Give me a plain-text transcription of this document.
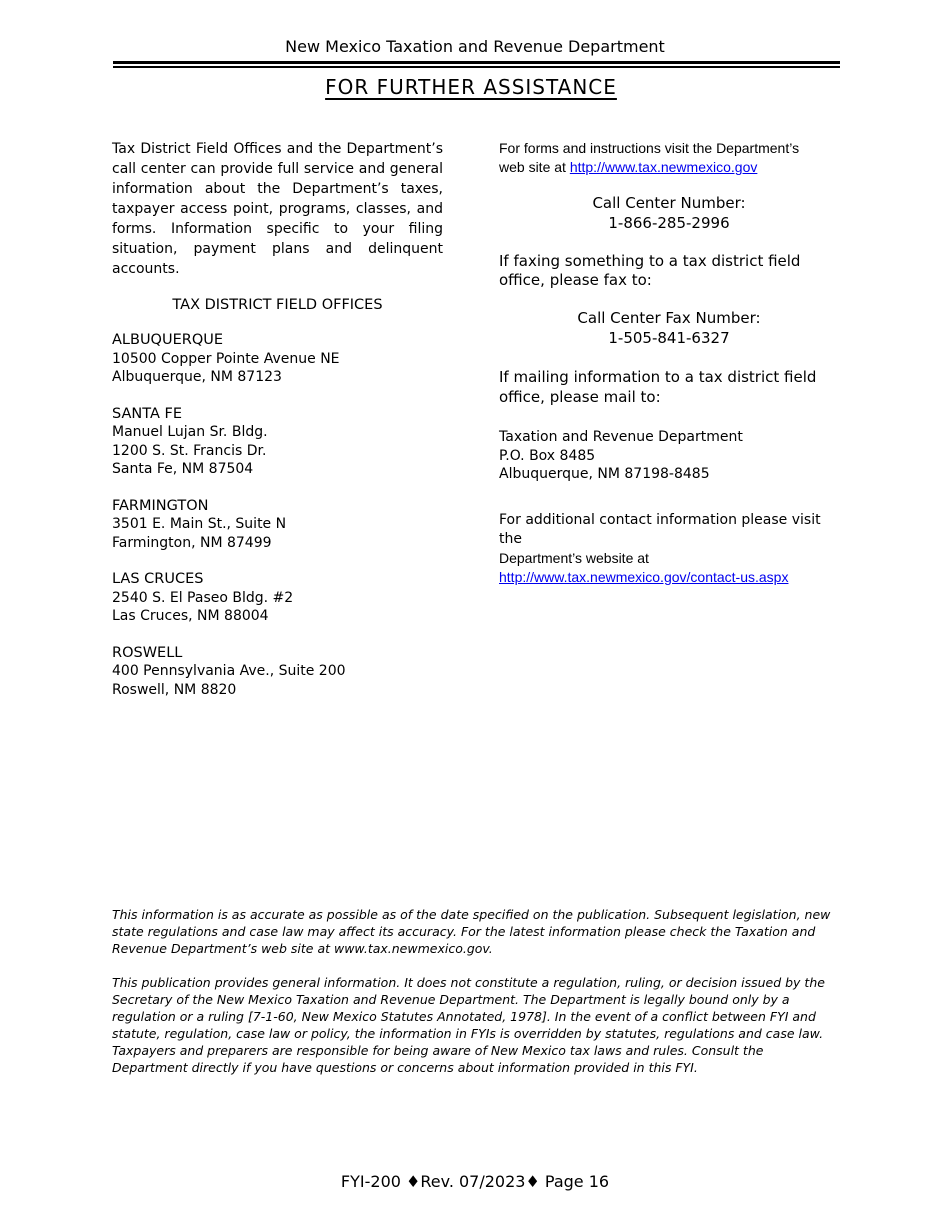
New Mexico Taxation and Revenue Department
FOR FURTHER ASSISTANCE

Tax District Field Offices and the Department’s call center can provide full service and general information about the Department’s taxes, taxpayer access point, programs, classes, and forms. Information specific to your filing situation, payment plans and delinquent accounts.

TAX DISTRICT FIELD OFFICES
ALBUQUERQUE
10500 Copper Pointe Avenue NE
Albuquerque, NM 87123
SANTA FE
Manuel Lujan Sr. Bldg.
1200 S. St. Francis Dr.
Santa Fe, NM 87504
FARMINGTON
3501 E. Main St., Suite N
Farmington, NM 87499
LAS CRUCES
2540 S. El Paseo Bldg. #2
Las Cruces, NM 88004
ROSWELL
400 Pennsylvania Ave., Suite 200
Roswell, NM 8820
For forms and instructions visit the Department’s
web site at http://www.tax.newmexico.gov
Call Center Number:
1-866-285-2996
If faxing something to a tax district field
office, please fax to:
Call Center Fax Number:
1-505-841-6327
If mailing information to a tax district field
office, please mail to:
Taxation and Revenue Department
P.O. Box 8485
Albuquerque, NM 87198-8485
For additional contact information please visit the
Department’s website at
http://www.tax.newmexico.gov/contact-us.aspx

This information is as accurate as possible as of the date specified on the publication. Subsequent legislation, new state regulations and case law may affect its accuracy. For the latest information please check the Taxation and Revenue Department’s web site at www.tax.newmexico.gov.

This publication provides general information. It does not constitute a regulation, ruling, or decision issued by the Secretary of the New Mexico Taxation and Revenue Department. The Department is legally bound only by a regulation or a ruling [7-1-60, New Mexico Statutes Annotated, 1978]. In the event of a conflict between FYI and statute, regulation, case law or policy, the information in FYIs is overridden by statutes, regulations and case law. Taxpayers and preparers are responsible for being aware of New Mexico tax laws and rules. Consult the Department directly if you have questions or concerns about information provided in this FYI.

FYI-200 ♦Rev. 07/2023♦ Page 16
